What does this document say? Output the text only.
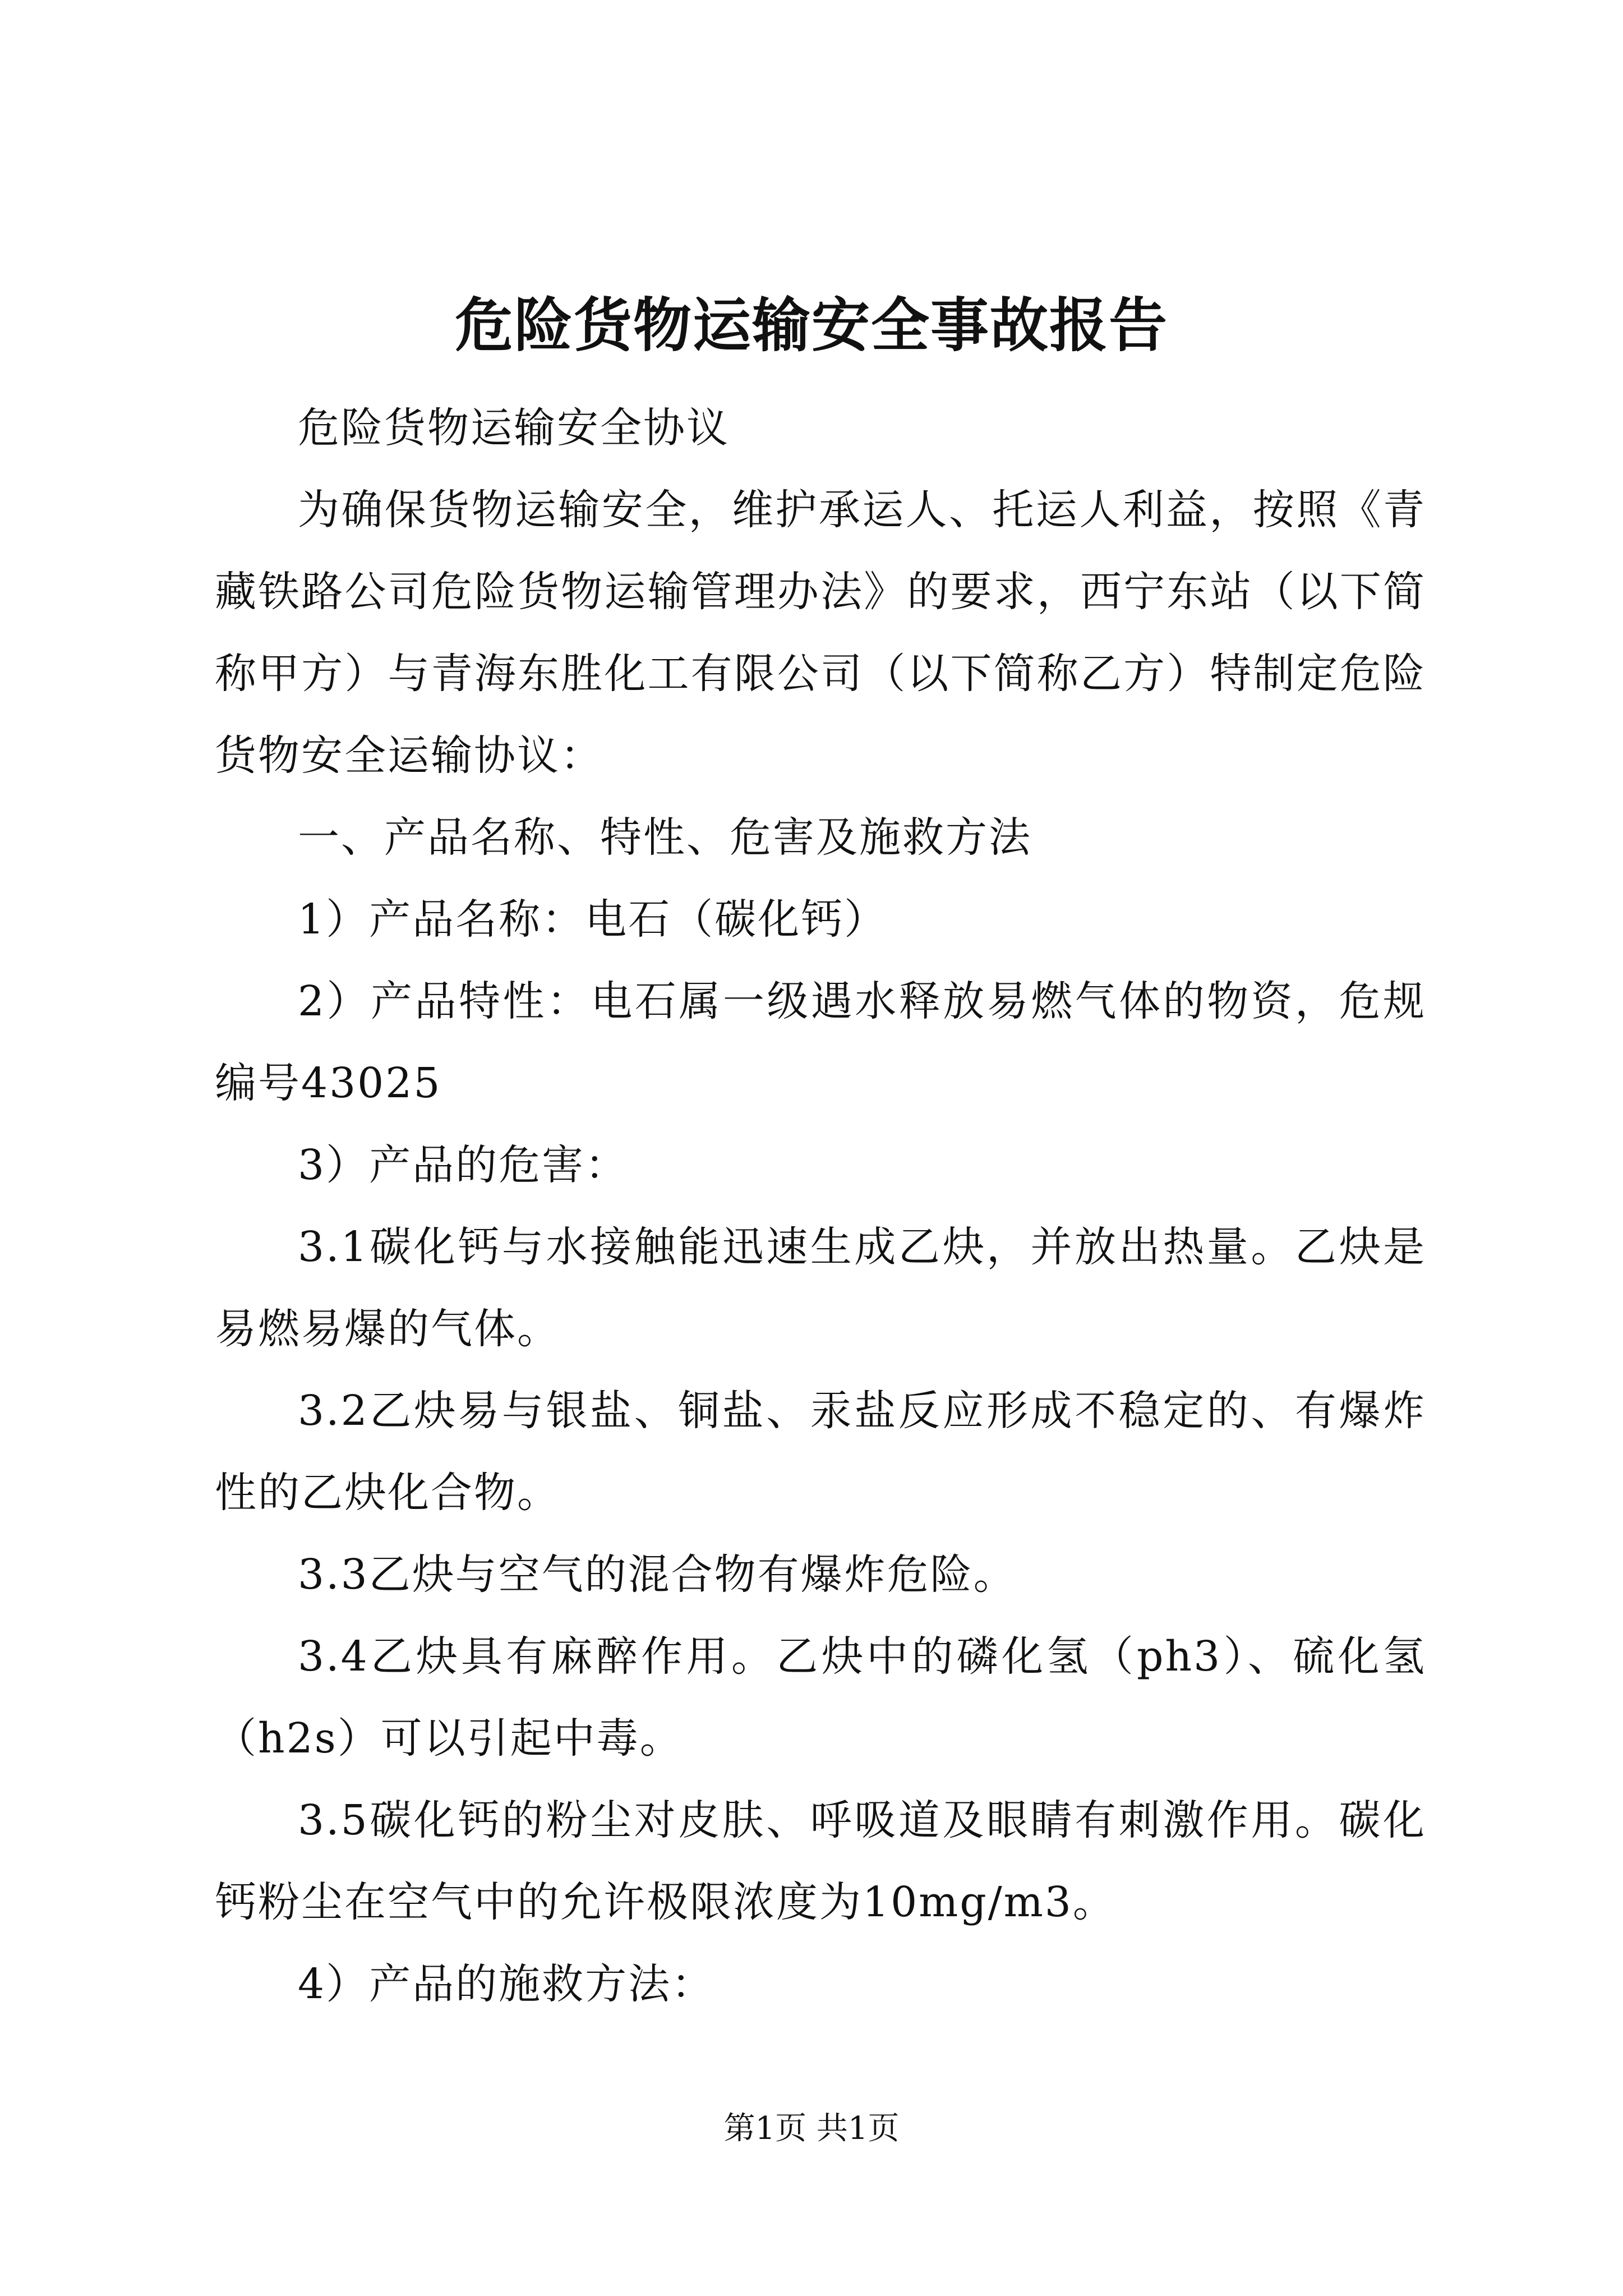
危险货物运输安全事故报告

危险货物运输安全协议

为确保货物运输安全，维护承运人、托运人利益，按照《青藏铁路公司危险货物运输管理办法》的要求，西宁东站（以下简称甲方）与青海东胜化工有限公司（以下简称乙方）特制定危险货物安全运输协议：

一、产品名称、特性、危害及施救方法

1）产品名称：电石（碳化钙）

2）产品特性：电石属一级遇水释放易燃气体的物资，危规编号43025

3）产品的危害：

3.1碳化钙与水接触能迅速生成乙炔，并放出热量。乙炔是易燃易爆的气体。

3.2乙炔易与银盐、铜盐、汞盐反应形成不稳定的、有爆炸性的乙炔化合物。

3.3乙炔与空气的混合物有爆炸危险。

3.4乙炔具有麻醉作用。乙炔中的磷化氢（ph3）、硫化氢（h2s）可以引起中毒。

3.5碳化钙的粉尘对皮肤、呼吸道及眼睛有刺激作用。碳化钙粉尘在空气中的允许极限浓度为10mg/m3。

4）产品的施救方法：

第1页 共1页
